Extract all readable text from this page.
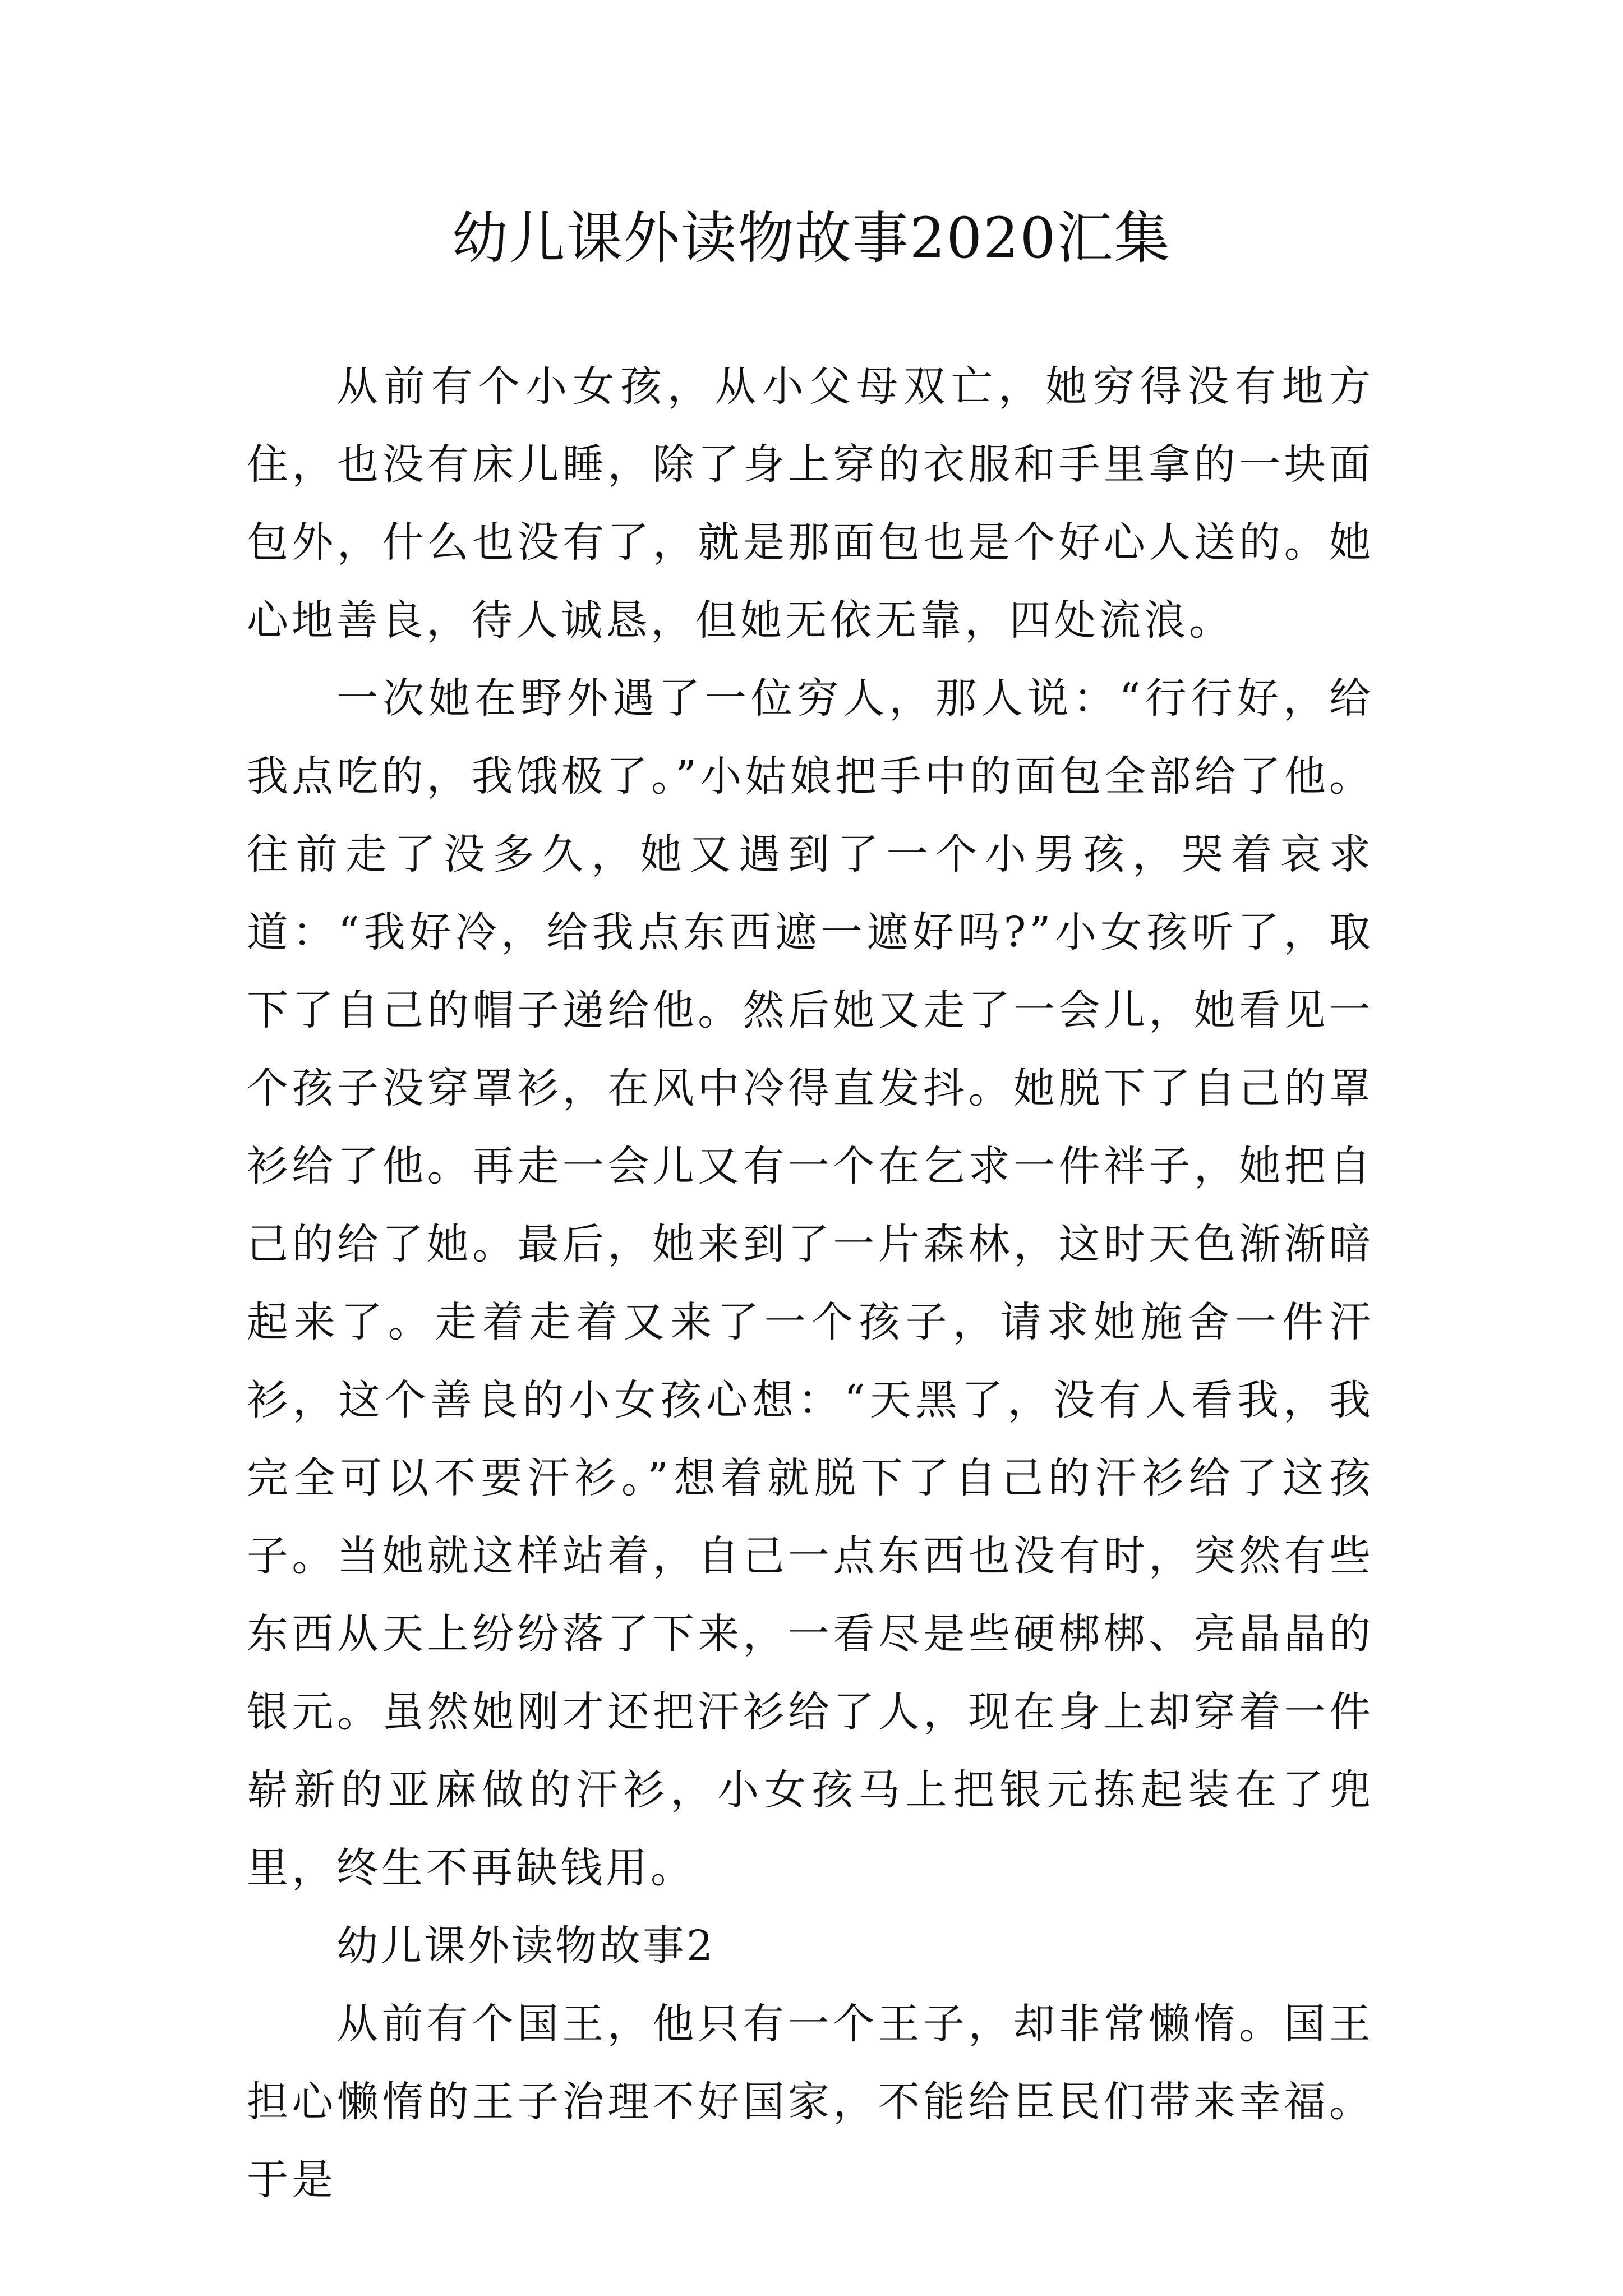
幼儿课外读物故事2020汇集

从前有个小女孩，从小父母双亡，她穷得没有地方住，也没有床儿睡，除了身上穿的衣服和手里拿的一块面包外，什么也没有了，就是那面包也是个好心人送的。她心地善良，待人诚恳，但她无依无靠，四处流浪。

一次她在野外遇了一位穷人，那人说：“行行好，给我点吃的，我饿极了。”小姑娘把手中的面包全部给了他。往前走了没多久，她又遇到了一个小男孩，哭着哀求道：“我好冷，给我点东西遮一遮好吗?”小女孩听了，取下了自己的帽子递给他。然后她又走了一会儿，她看见一个孩子没穿罩衫，在风中冷得直发抖。她脱下了自己的罩衫给了他。再走一会儿又有一个在乞求一件袢子，她把自己的给了她。最后，她来到了一片森林，这时天色渐渐暗起来了。走着走着又来了一个孩子，请求她施舍一件汗衫，这个善良的小女孩心想：“天黑了，没有人看我，我完全可以不要汗衫。”想着就脱下了自己的汗衫给了这孩子。当她就这样站着，自己一点东西也没有时，突然有些东西从天上纷纷落了下来，一看尽是些硬梆梆、亮晶晶的银元。虽然她刚才还把汗衫给了人，现在身上却穿着一件崭新的亚麻做的汗衫，小女孩马上把银元拣起装在了兜里，终生不再缺钱用。

幼儿课外读物故事2

从前有个国王，他只有一个王子，却非常懒惰。国王担心懒惰的王子治理不好国家，不能给臣民们带来幸福。于是
